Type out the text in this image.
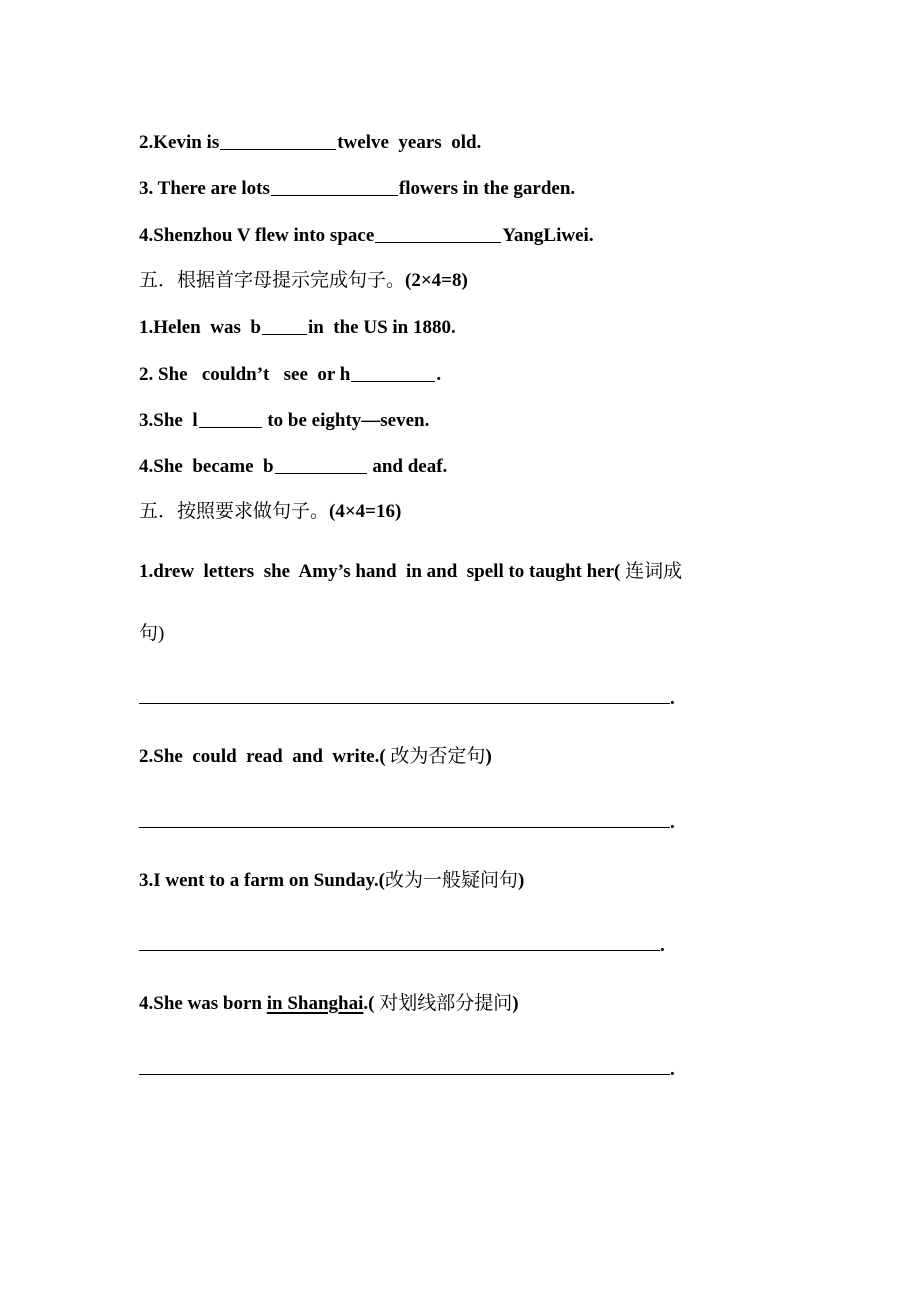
2.Kevin is	twelve  years  old.
3. There are lots	flowers in the garden.
4.Shenzhou V flew into space	YangLiwei.
五．根据首字母提示完成句子。(2×4=8)
1.Helen  was  b in  the US in 1880.
2. She   couldn’t   see  or h	.
3.She  l	to be eighty—seven.
4.She  became  b	and deaf.
五．按照要求做句子。(4×4=16)
1.drew  letters  she  Amy’s hand  in and  spell to taught her( 连词成
句)
.
2.She  could  read  and  write.( 改为否定句)
.
3.I went to a farm on Sunday.(改为一般疑问句)
.
4.She was born in Shanghai.( 对划线部分提问)
.
